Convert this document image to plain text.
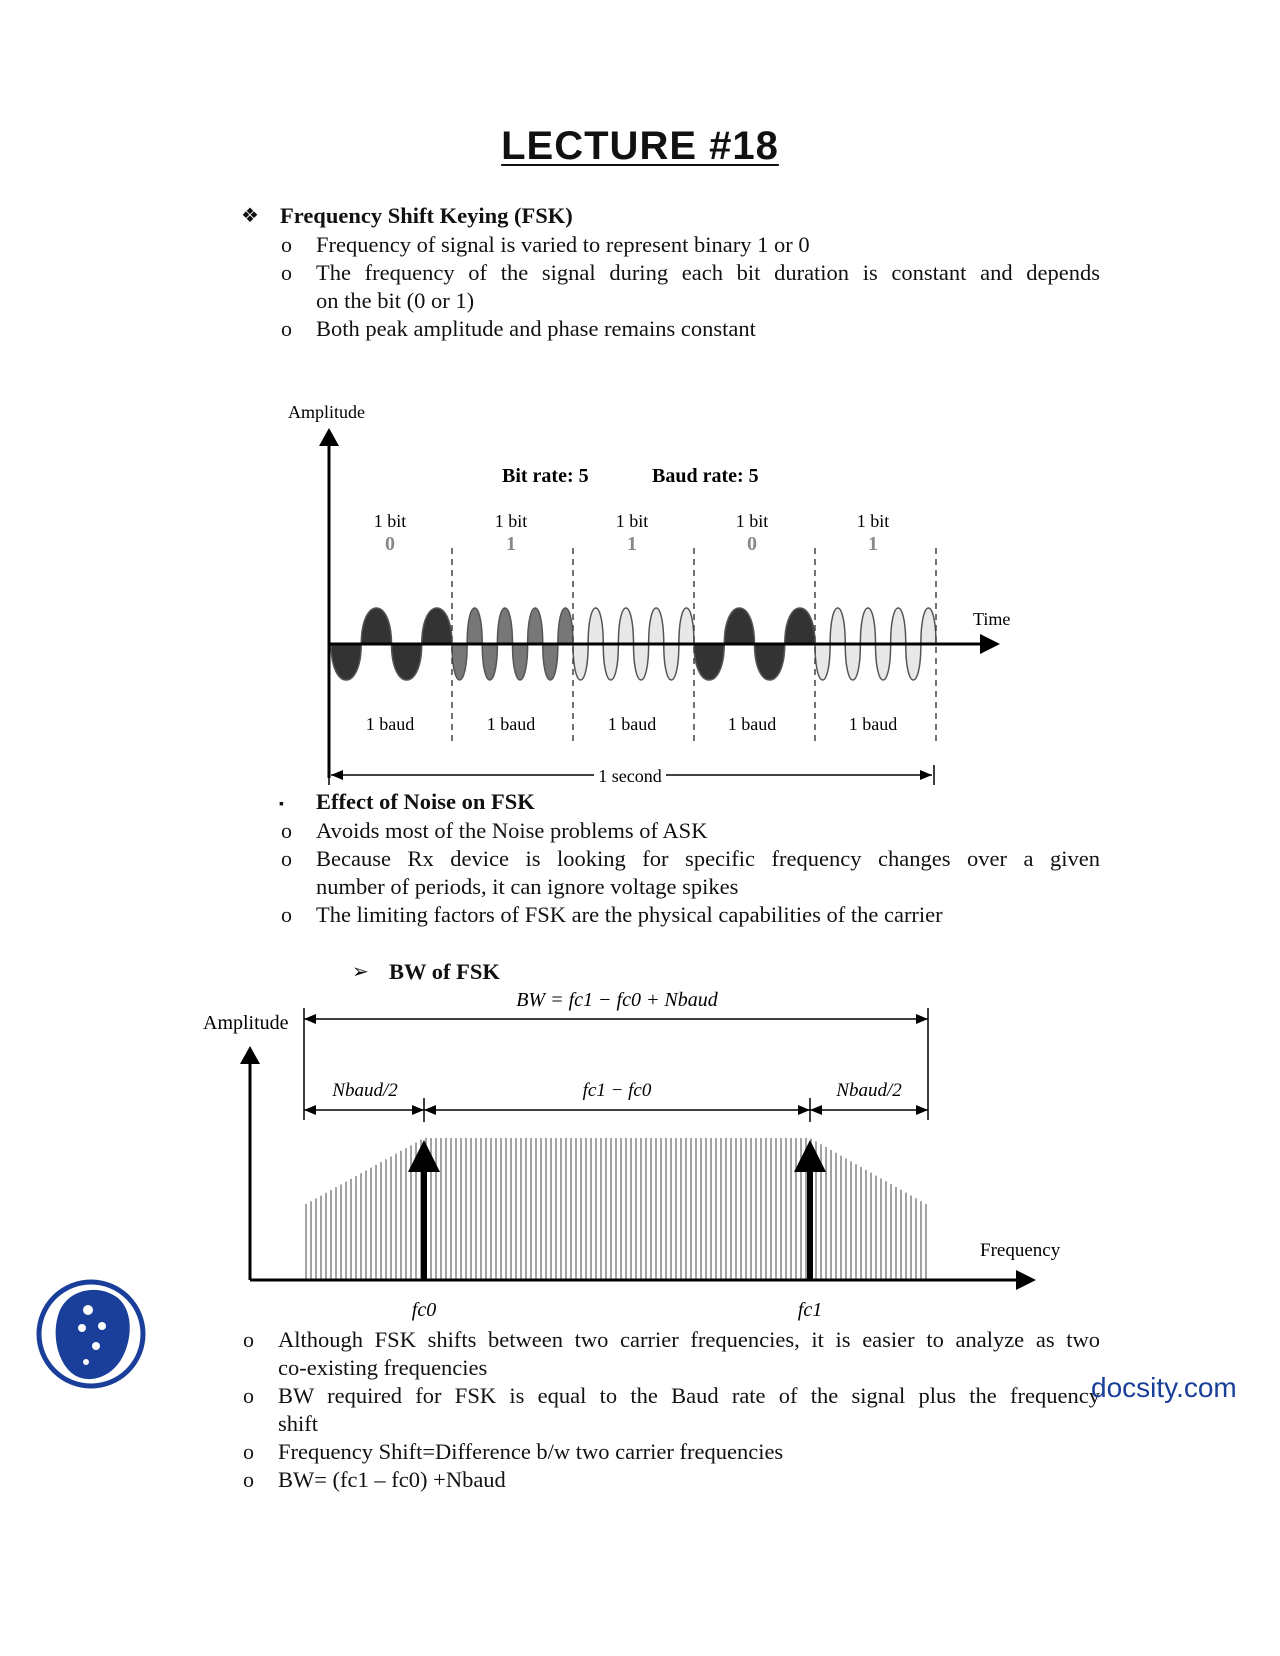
LECTURE #18
❖ Frequency Shift Keying (FSK)
o Frequency of signal is varied to represent binary 1 or 0
o The frequency of the signal during each bit duration is constant and depends
on the bit (0 or 1)
o Both peak amplitude and phase remains constant
Amplitude
Time
Bit rate: 5	Baud rate: 5
1 second
1 bit	1 bit	1 bit	1 bit	1 bit
0	1	1	0	1
1 baud	1 baud	1 baud	1 baud	1 baud
▪ Effect of Noise on FSK
o Avoids most of the Noise problems of ASK
o Because Rx device is looking for specific frequency changes over a given
number of periods, it can ignore voltage spikes
o The limiting factors of FSK are the physical capabilities of the carrier
➢ BW of FSK
Amplitude
Frequency
BW = fc1 − fc0 + Nbaud
Nbaud/2	fc1 − fc0	Nbaud/2
fc0	fc1
o Although FSK shifts between two carrier frequencies, it is easier to analyze as two
co-existing frequencies
o BW required for FSK is equal to the Baud rate of the signal plus the frequency
shift
o Frequency Shift=Difference b/w two carrier frequencies
o BW= (fc1 – fc0) +Nbaud
docsity.com
